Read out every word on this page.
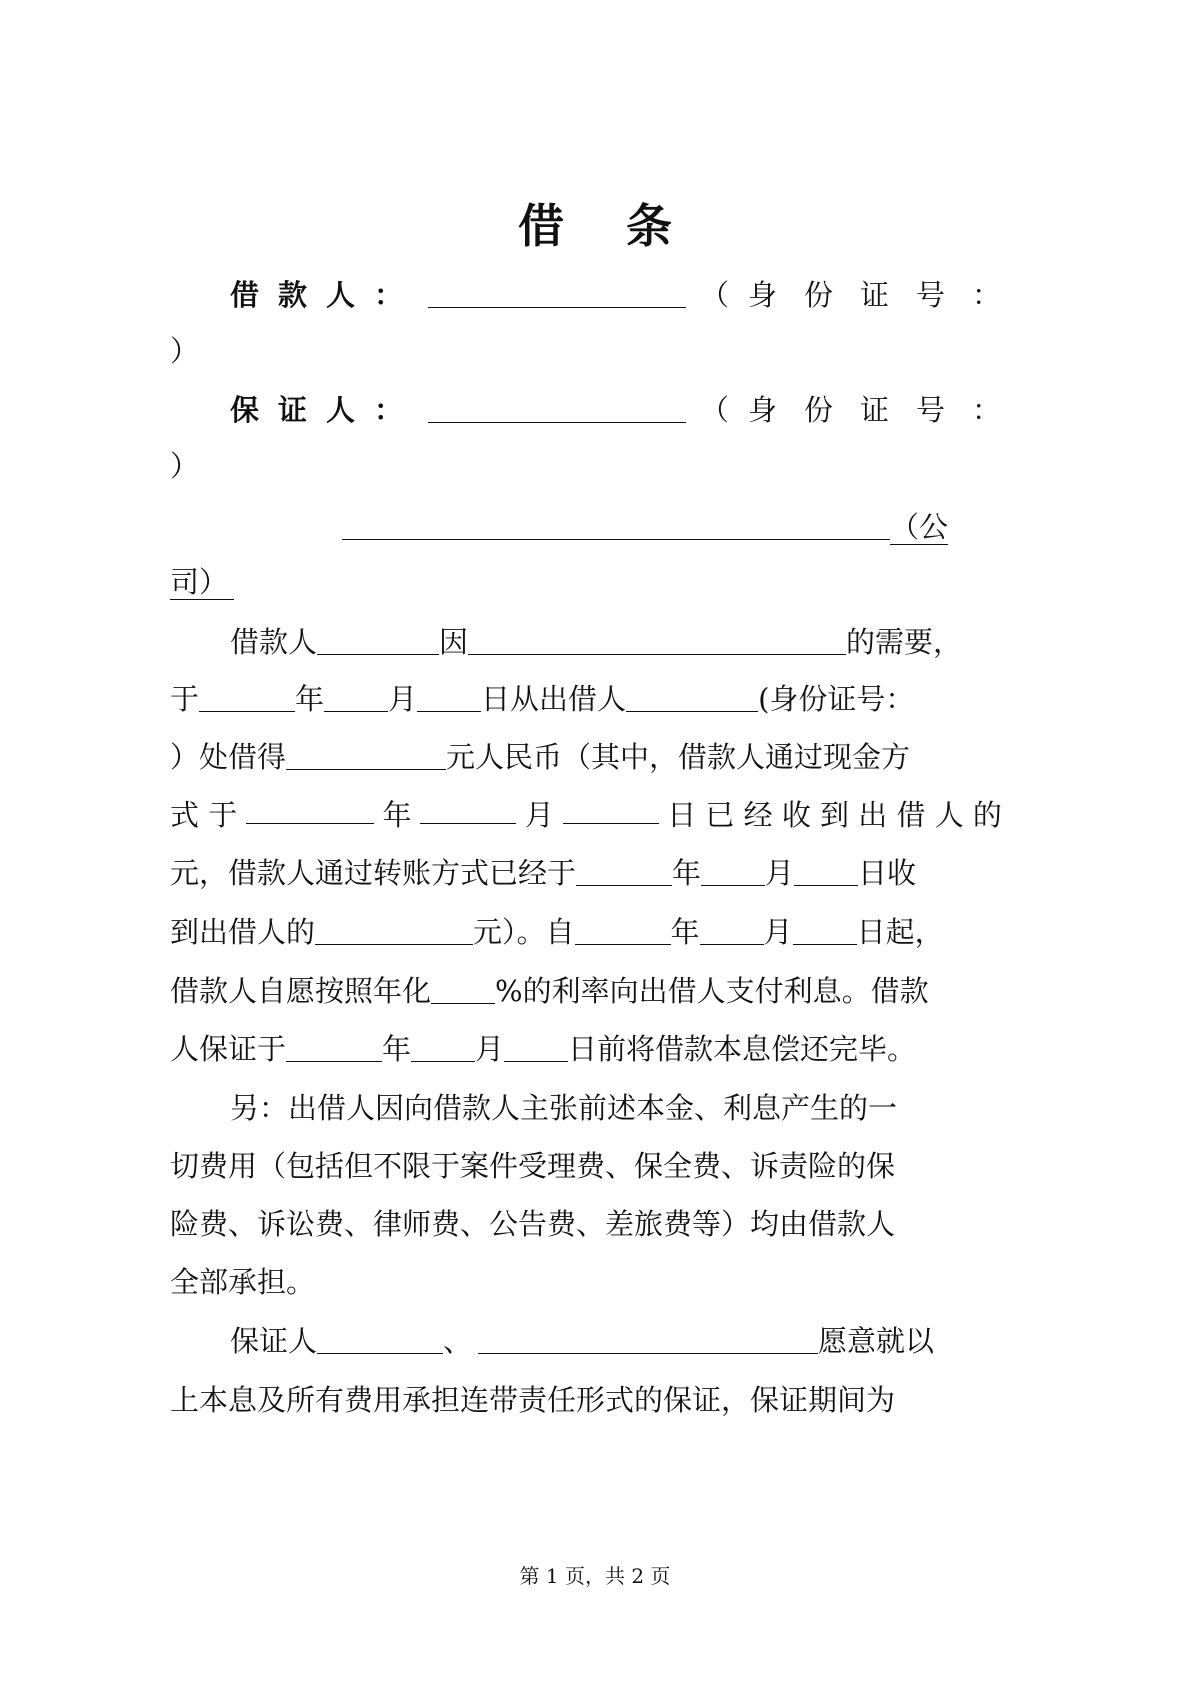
借 条
借款人：	（身份证号：
）
保证人：	（身份证号：
）
（公
司）
借款人	因	的需要，
于	年 月 日从出借人	(身份证号：
）处借得	元人民币（其中，借款人通过现金方
式 于	年	月	日 已 经 收 到 出 借 人 的
元，借款人通过转账方式已经于	年 月 日收
到出借人的	元）。自	年 月 日起，
借款人自愿按照年化 %的利率向出借人支付利息。借款
人保证于	年 月 日前将借款本息偿还完毕。
另：出借人因向借款人主张前述本金、利息产生的一
切费用（包括但不限于案件受理费、保全费、诉责险的保
险费、诉讼费、律师费、公告费、差旅费等）均由借款人
全部承担。
保证人	、	愿意就以
上本息及所有费用承担连带责任形式的保证，保证期间为
第 1 页，共 2 页
